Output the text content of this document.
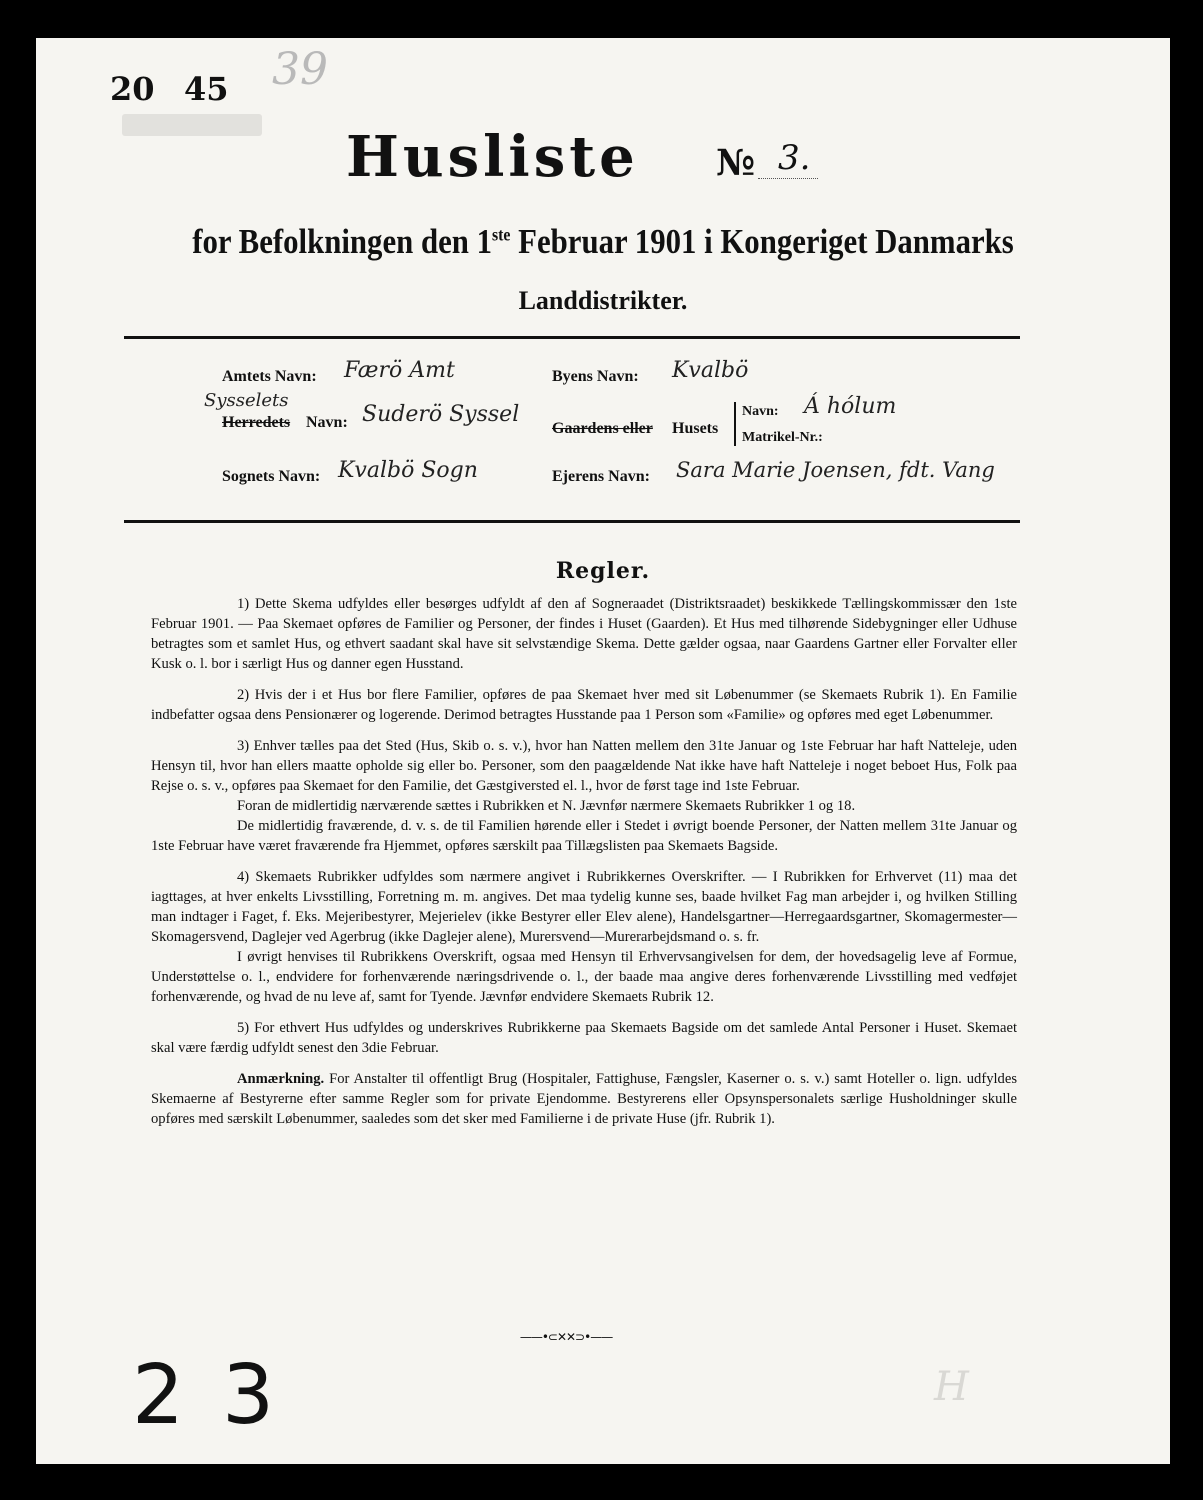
20 45 39
Husliste № 3.
for Befolkningen den 1ste Februar 1901 i Kongeriget Danmarks
Landdistrikter.
Amtets Navn: Færö Amt
Sysselets
Herredets Navn: Suderö Syssel
Sognets Navn: Kvalbö Sogn
Byens Navn: Kvalbö
Gaardens eller Husets
Navn: Á hólum
Matrikel-Nr.:
Ejerens Navn: Sara Marie Joensen, fdt. Vang
Regler.

1) Dette Skema udfyldes eller besørges udfyldt af den af Sogneraadet (Distriktsraadet) beskikkede Tællingskommissær den 1ste Februar 1901. — Paa Skemaet opføres de Familier og Personer, der findes i Huset (Gaarden). Et Hus med tilhørende Sidebygninger eller Udhuse betragtes som et samlet Hus, og ethvert saadant skal have sit selvstændige Skema. Dette gælder ogsaa, naar Gaardens Gartner eller Forvalter eller Kusk o. l. bor i særligt Hus og danner egen Husstand.

2) Hvis der i et Hus bor flere Familier, opføres de paa Skemaet hver med sit Løbenummer (se Skemaets Rubrik 1). En Familie indbefatter ogsaa dens Pensionærer og logerende. Derimod betragtes Husstande paa 1 Person som «Familie» og opføres med eget Løbenummer.

3) Enhver tælles paa det Sted (Hus, Skib o. s. v.), hvor han Natten mellem den 31te Januar og 1ste Februar har haft Natteleje, uden Hensyn til, hvor han ellers maatte opholde sig eller bo. Personer, som den paagældende Nat ikke have haft Natteleje i noget beboet Hus, Folk paa Rejse o. s. v., opføres paa Skemaet for den Familie, det Gæstgiversted el. l., hvor de først tage ind 1ste Februar.

Foran de midlertidig nærværende sættes i Rubrikken et N. Jævnfør nærmere Skemaets Rubrikker 1 og 18.

De midlertidig fraværende, d. v. s. de til Familien hørende eller i Stedet i øvrigt boende Personer, der Natten mellem 31te Januar og 1ste Februar have været fraværende fra Hjemmet, opføres særskilt paa Tillægslisten paa Skemaets Bagside.

4) Skemaets Rubrikker udfyldes som nærmere angivet i Rubrikkernes Overskrifter. — I Rubrikken for Erhvervet (11) maa det iagttages, at hver enkelts Livsstilling, Forretning m. m. angives. Det maa tydelig kunne ses, baade hvilket Fag man arbejder i, og hvilken Stilling man indtager i Faget, f. Eks. Mejeribestyrer, Mejerielev (ikke Bestyrer eller Elev alene), Handelsgartner—Herregaardsgartner, Skomagermester—Skomagersvend, Daglejer ved Agerbrug (ikke Daglejer alene), Murersvend—Murerarbejdsmand o. s. fr.

I øvrigt henvises til Rubrikkens Overskrift, ogsaa med Hensyn til Erhvervsangivelsen for dem, der hovedsagelig leve af Formue, Understøttelse o. l., endvidere for forhenværende næringsdrivende o. l., der baade maa angive deres forhenværende Livsstilling med vedføjet forhenværende, og hvad de nu leve af, samt for Tyende. Jævnfør endvidere Skemaets Rubrik 12.

5) For ethvert Hus udfyldes og underskrives Rubrikkerne paa Skemaets Bagside om det samlede Antal Personer i Huset. Skemaet skal være færdig udfyldt senest den 3die Februar.

Anmærkning. For Anstalter til offentligt Brug (Hospitaler, Fattighuse, Fængsler, Kaserner o. s. v.) samt Hoteller o. lign. udfyldes Skemaerne af Bestyrerne efter samme Regler som for private Ejendomme. Bestyrerens eller Opsynspersonalets særlige Husholdninger skulle opføres med særskilt Løbenummer, saaledes som det sker med Familierne i de private Huse (jfr. Rubrik 1).

——•⊂✕✕⊃•——
2 3	H
